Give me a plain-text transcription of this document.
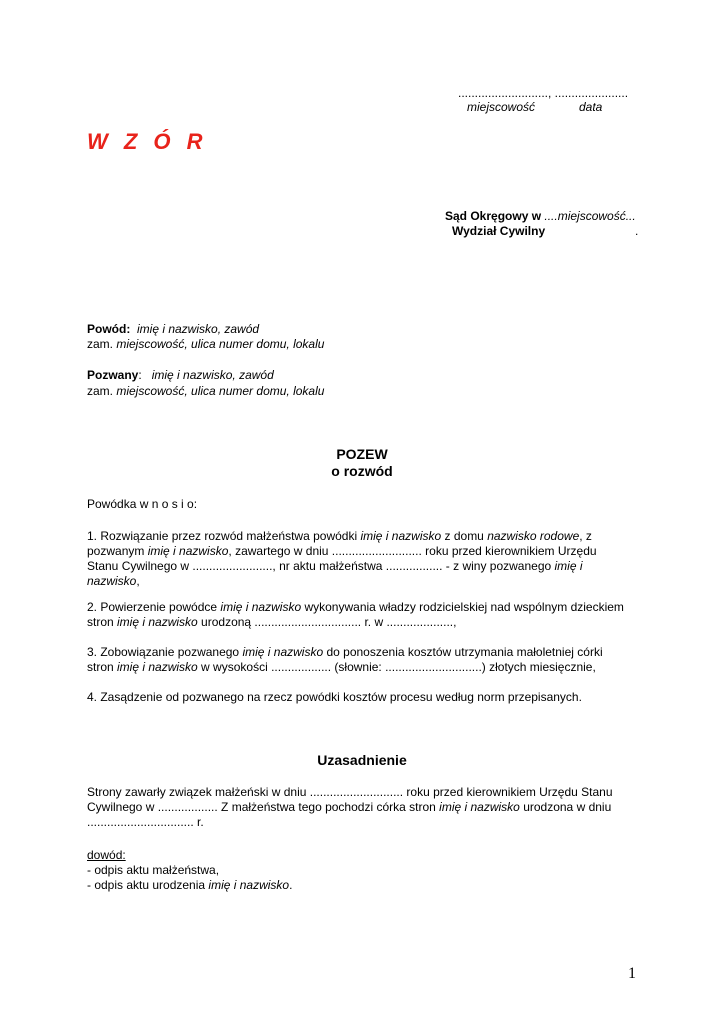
..........................., ......................
miejscowość	data
W Z Ó R
Sąd Okręgowy w ....miejscowość...
Wydział Cywilny	.
Powód: imię i nazwisko, zawód
zam. miejscowość, ulica numer domu, lokalu
Pozwany: imię i nazwisko, zawód
zam. miejscowość, ulica numer domu, lokalu
POZEW
o rozwód
Powódka w n o s i o:
1. Rozwiązanie przez rozwód małżeństwa powódki imię i nazwisko z domu nazwisko rodowe, z
pozwanym imię i nazwisko, zawartego w dniu ........................... roku przed kierownikiem Urzędu
Stanu Cywilnego w ........................, nr aktu małżeństwa ................. - z winy pozwanego imię i
nazwisko,
2. Powierzenie powódce imię i nazwisko wykonywania władzy rodzicielskiej nad wspólnym dzieckiem
stron imię i nazwisko urodzoną ................................ r. w ....................,
3. Zobowiązanie pozwanego imię i nazwisko do ponoszenia kosztów utrzymania małoletniej córki
stron imię i nazwisko w wysokości .................. (słownie: .............................) złotych miesięcznie,
4. Zasądzenie od pozwanego na rzecz powódki kosztów procesu według norm przepisanych.
Uzasadnienie
Strony zawarły związek małżeński w dniu ............................ roku przed kierownikiem Urzędu Stanu
Cywilnego w .................. Z małżeństwa tego pochodzi córka stron imię i nazwisko urodzona w dniu
................................ r.
dowód:
- odpis aktu małżeństwa,
- odpis aktu urodzenia imię i nazwisko.
1
